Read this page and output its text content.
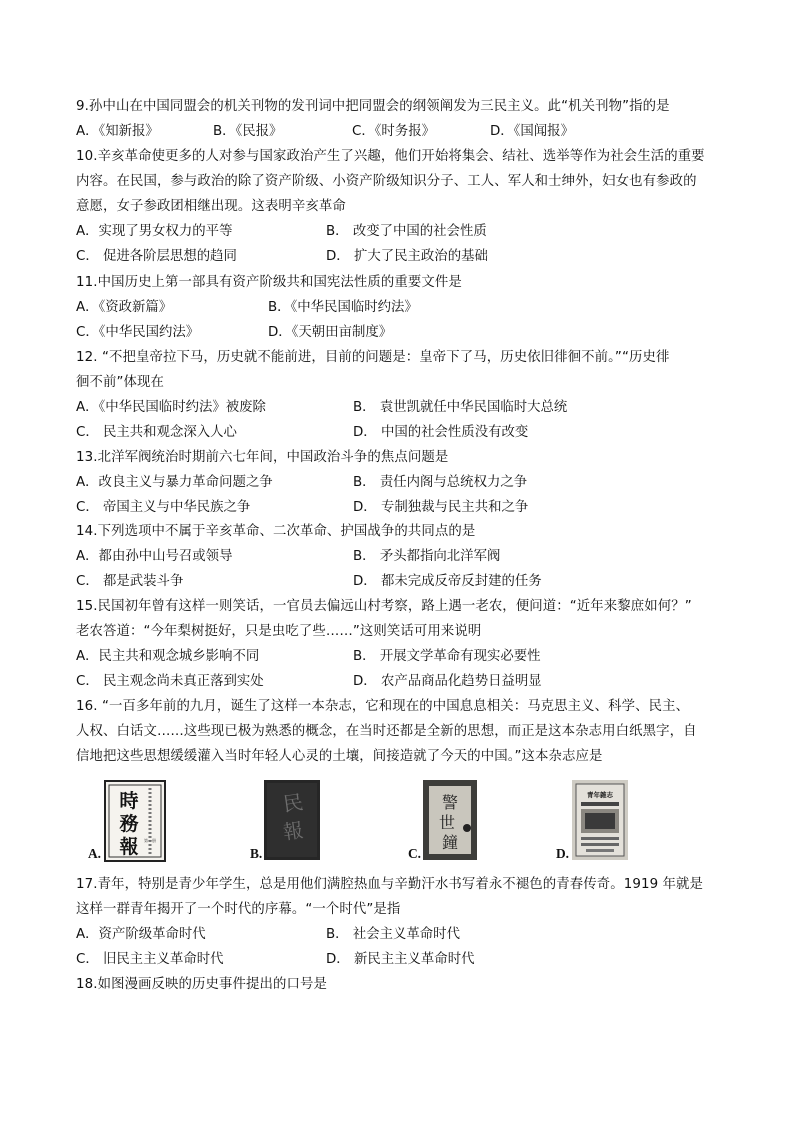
9.孙中山在中国同盟会的机关刊物的发刊词中把同盟会的纲领阐发为三民主义。此“机关刊物”指的是
A．《知新报》	B．《民报》	C．《时务报》	D．《国闻报》
10.辛亥革命使更多的人对参与国家政治产生了兴趣，他们开始将集会、结社、选举等作为社会生活的重要
内容。在民国，参与政治的除了资产阶级、小资产阶级知识分子、工人、军人和士绅外，妇女也有参政的
意愿，女子参政团相继出现。这表明辛亥革命
A．实现了男女权力的平等	B． 改变了中国的社会性质
C． 促进各阶层思想的趋同	D． 扩大了民主政治的基础
11.中国历史上第一部具有资产阶级共和国宪法性质的重要文件是
A．《资政新篇》	B．《中华民国临时约法》
C．《中华民国约法》	D．《天朝田亩制度》
12. “不把皇帝拉下马，历史就不能前进，目前的问题是：皇帝下了马，历史依旧徘徊不前。”“历史徘
徊不前”体现在
A．《中华民国临时约法》被废除	B． 袁世凯就任中华民国临时大总统
C． 民主共和观念深入人心	D． 中国的社会性质没有改变
13.北洋军阀统治时期前六七年间，中国政治斗争的焦点问题是
A．改良主义与暴力革命问题之争	B． 责任内阁与总统权力之争
C． 帝国主义与中华民族之争	D． 专制独裁与民主共和之争
14.下列选项中不属于辛亥革命、二次革命、护国战争的共同点的是
A．都由孙中山号召或领导	B． 矛头都指向北洋军阀
C． 都是武装斗争	D． 都未完成反帝反封建的任务
15.民国初年曾有这样一则笑话，一官员去偏远山村考察，路上遇一老农，便问道：“近年来黎庶如何？”
老农答道：“今年梨树挺好，只是虫吃了些……”这则笑话可用来说明
A．民主共和观念城乡影响不同	B． 开展文学革命有现实必要性
C． 民主观念尚未真正落到实处	D． 农产品商品化趋势日益明显
16. “一百多年前的九月，诞生了这样一本杂志，它和现在的中国息息相关：马克思主义、科学、民主、
人权、白话文……这些现已极为熟悉的概念，在当时还都是全新的思想，而正是这本杂志用白纸黑字，自
信地把这些思想缓缓灌入当时年轻人心灵的土壤，间接造就了今天的中国。”这本杂志应是
A.
時
務
報 第一册
B.
民
報
C.
警
世
鐘
D.
青年雜志
17.青年，特别是青少年学生，总是用他们满腔热血与辛勤汗水书写着永不褪色的青春传奇。1919 年就是
这样一群青年揭开了一个时代的序幕。“一个时代”是指
A．资产阶级革命时代	B． 社会主义革命时代
C． 旧民主主义革命时代	D． 新民主主义革命时代
18.如图漫画反映的历史事件提出的口号是
